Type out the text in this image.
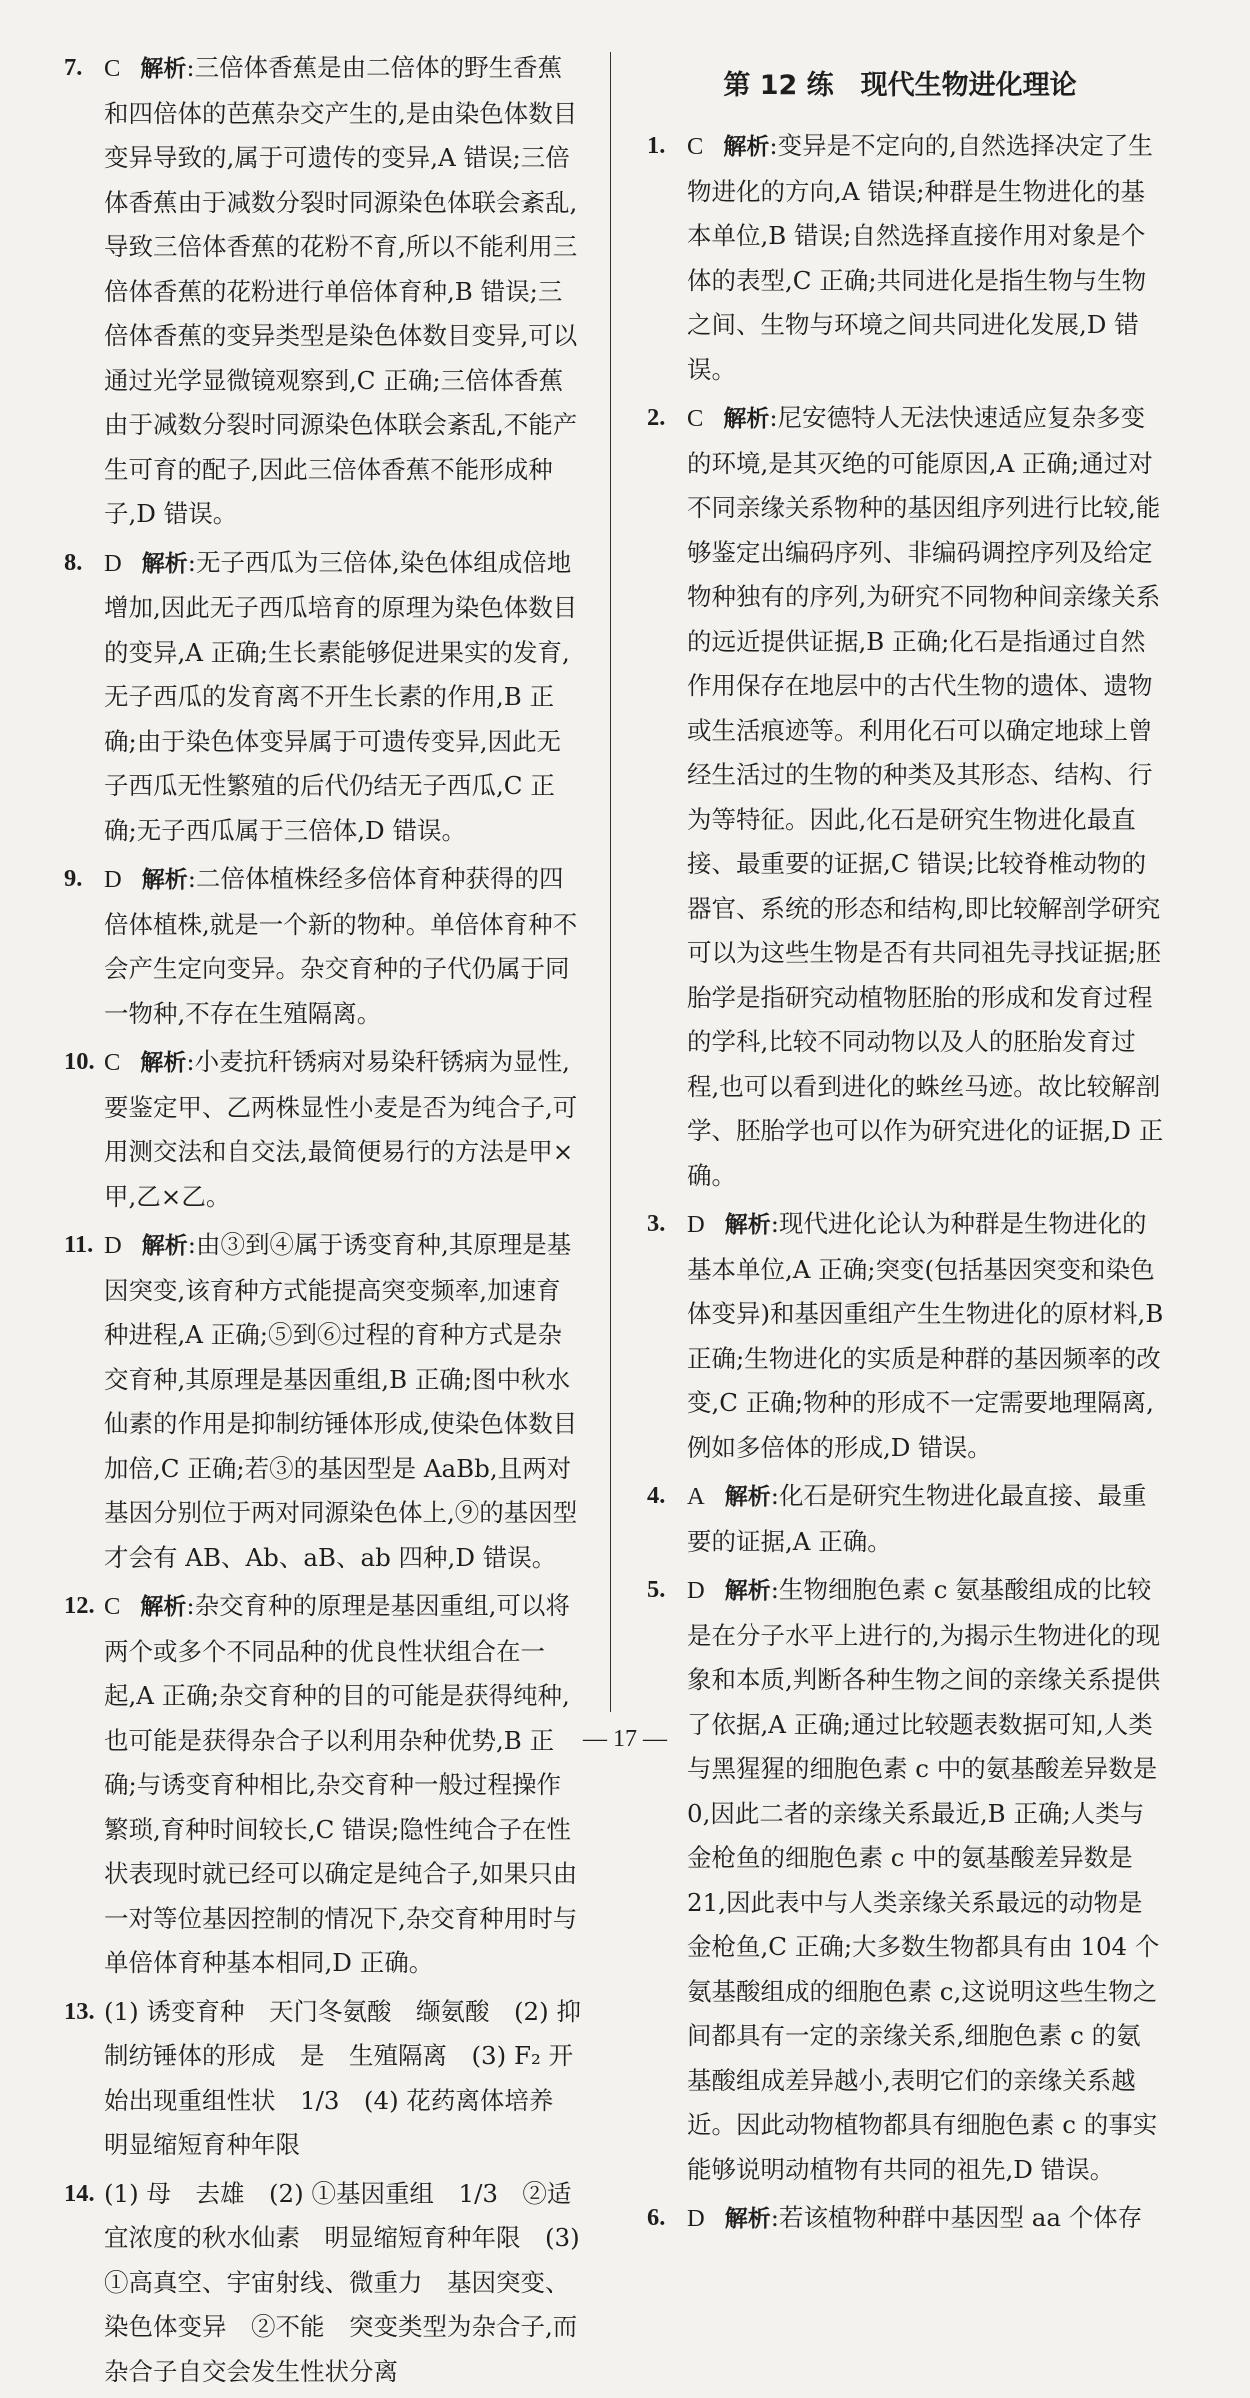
7. C 解析:三倍体香蕉是由二倍体的野生香蕉和四倍体的芭蕉杂交产生的,是由染色体数目变异导致的,属于可遗传的变异,A 错误;三倍体香蕉由于减数分裂时同源染色体联会紊乱,导致三倍体香蕉的花粉不育,所以不能利用三倍体香蕉的花粉进行单倍体育种,B 错误;三倍体香蕉的变异类型是染色体数目变异,可以通过光学显微镜观察到,C 正确;三倍体香蕉由于减数分裂时同源染色体联会紊乱,不能产生可育的配子,因此三倍体香蕉不能形成种子,D 错误。
8. D 解析:无子西瓜为三倍体,染色体组成倍地增加,因此无子西瓜培育的原理为染色体数目的变异,A 正确;生长素能够促进果实的发育,无子西瓜的发育离不开生长素的作用,B 正确;由于染色体变异属于可遗传变异,因此无子西瓜无性繁殖的后代仍结无子西瓜,C 正确;无子西瓜属于三倍体,D 错误。
9. D 解析:二倍体植株经多倍体育种获得的四倍体植株,就是一个新的物种。单倍体育种不会产生定向变异。杂交育种的子代仍属于同一物种,不存在生殖隔离。
10. C 解析:小麦抗秆锈病对易染秆锈病为显性,要鉴定甲、乙两株显性小麦是否为纯合子,可用测交法和自交法,最简便易行的方法是甲×甲,乙×乙。
11. D 解析:由③到④属于诱变育种,其原理是基因突变,该育种方式能提高突变频率,加速育种进程,A 正确;⑤到⑥过程的育种方式是杂交育种,其原理是基因重组,B 正确;图中秋水仙素的作用是抑制纺锤体形成,使染色体数目加倍,C 正确;若③的基因型是 AaBb,且两对基因分别位于两对同源染色体上,⑨的基因型才会有 AB、Ab、aB、ab 四种,D 错误。
12. C 解析:杂交育种的原理是基因重组,可以将两个或多个不同品种的优良性状组合在一起,A 正确;杂交育种的目的可能是获得纯种,也可能是获得杂合子以利用杂种优势,B 正确;与诱变育种相比,杂交育种一般过程操作繁琐,育种时间较长,C 错误;隐性纯合子在性状表现时就已经可以确定是纯合子,如果只由一对等位基因控制的情况下,杂交育种用时与单倍体育种基本相同,D 正确。
13. (1) 诱变育种　天门冬氨酸　缬氨酸　(2) 抑制纺锤体的形成　是　生殖隔离　(3) F₂ 开始出现重组性状　1/3　(4) 花药离体培养　明显缩短育种年限
14. (1) 母　去雄　(2) ①基因重组　1/3　②适宜浓度的秋水仙素　明显缩短育种年限　(3) ①高真空、宇宙射线、微重力　基因突变、染色体变异　②不能　突变类型为杂合子,而杂合子自交会发生性状分离
第 12 练　现代生物进化理论
1. C 解析:变异是不定向的,自然选择决定了生物进化的方向,A 错误;种群是生物进化的基本单位,B 错误;自然选择直接作用对象是个体的表型,C 正确;共同进化是指生物与生物之间、生物与环境之间共同进化发展,D 错误。
2. C 解析:尼安德特人无法快速适应复杂多变的环境,是其灭绝的可能原因,A 正确;通过对不同亲缘关系物种的基因组序列进行比较,能够鉴定出编码序列、非编码调控序列及给定物种独有的序列,为研究不同物种间亲缘关系的远近提供证据,B 正确;化石是指通过自然作用保存在地层中的古代生物的遗体、遗物或生活痕迹等。利用化石可以确定地球上曾经生活过的生物的种类及其形态、结构、行为等特征。因此,化石是研究生物进化最直接、最重要的证据,C 错误;比较脊椎动物的器官、系统的形态和结构,即比较解剖学研究可以为这些生物是否有共同祖先寻找证据;胚胎学是指研究动植物胚胎的形成和发育过程的学科,比较不同动物以及人的胚胎发育过程,也可以看到进化的蛛丝马迹。故比较解剖学、胚胎学也可以作为研究进化的证据,D 正确。
3. D 解析:现代进化论认为种群是生物进化的基本单位,A 正确;突变(包括基因突变和染色体变异)和基因重组产生生物进化的原材料,B 正确;生物进化的实质是种群的基因频率的改变,C 正确;物种的形成不一定需要地理隔离,例如多倍体的形成,D 错误。
4. A 解析:化石是研究生物进化最直接、最重要的证据,A 正确。
5. D 解析:生物细胞色素 c 氨基酸组成的比较是在分子水平上进行的,为揭示生物进化的现象和本质,判断各种生物之间的亲缘关系提供了依据,A 正确;通过比较题表数据可知,人类与黑猩猩的细胞色素 c 中的氨基酸差异数是 0,因此二者的亲缘关系最近,B 正确;人类与金枪鱼的细胞色素 c 中的氨基酸差异数是 21,因此表中与人类亲缘关系最远的动物是金枪鱼,C 正确;大多数生物都具有由 104 个氨基酸组成的细胞色素 c,这说明这些生物之间都具有一定的亲缘关系,细胞色素 c 的氨基酸组成差异越小,表明它们的亲缘关系越近。因此动物植物都具有细胞色素 c 的事实能够说明动植物有共同的祖先,D 错误。
6. D 解析:若该植物种群中基因型 aa 个体存
— 17 —
